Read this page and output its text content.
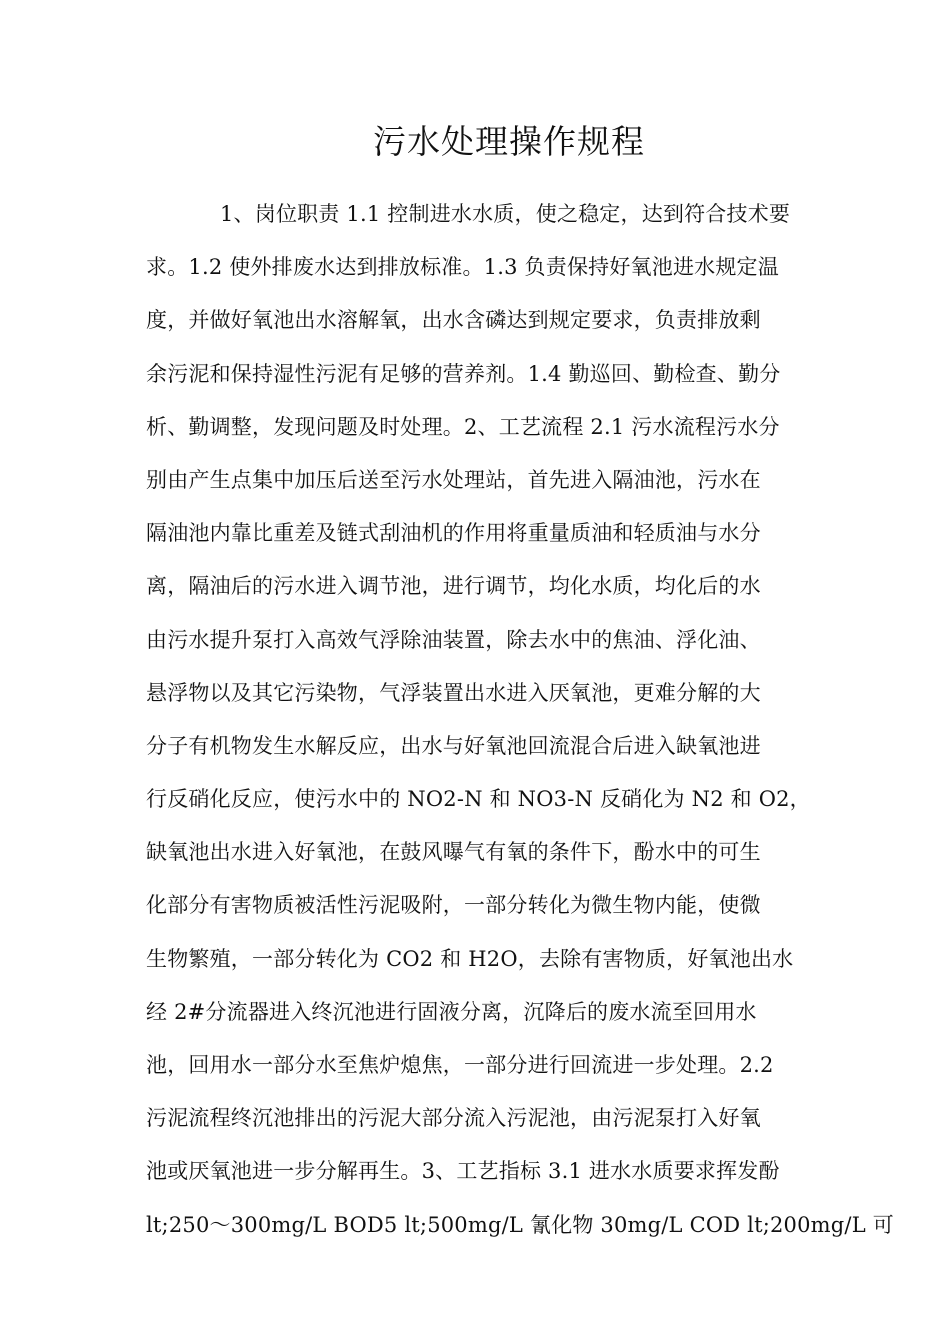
污水处理操作规程
1、岗位职责 1.1 控制进水水质，使之稳定，达到符合技术要
求。1.2 使外排废水达到排放标准。1.3 负责保持好氧池进水规定温
度，并做好氧池出水溶解氧，出水含磷达到规定要求，负责排放剩
余污泥和保持湿性污泥有足够的营养剂。1.4 勤巡回、勤检查、勤分
析、勤调整，发现问题及时处理。2、工艺流程 2.1 污水流程污水分
别由产生点集中加压后送至污水处理站，首先进入隔油池，污水在
隔油池内靠比重差及链式刮油机的作用将重量质油和轻质油与水分
离，隔油后的污水进入调节池，进行调节，均化水质，均化后的水
由污水提升泵打入高效气浮除油装置，除去水中的焦油、浮化油、
悬浮物以及其它污染物，气浮装置出水进入厌氧池，更难分解的大
分子有机物发生水解反应，出水与好氧池回流混合后进入缺氧池进
行反硝化反应，使污水中的 NO2-N 和 NO3-N 反硝化为 N2 和 O2，
缺氧池出水进入好氧池，在鼓风曝气有氧的条件下，酚水中的可生
化部分有害物质被活性污泥吸附，一部分转化为微生物内能，使微
生物繁殖，一部分转化为 CO2 和 H2O，去除有害物质，好氧池出水
经 2#分流器进入终沉池进行固液分离，沉降后的废水流至回用水
池，回用水一部分水至焦炉熄焦，一部分进行回流进一步处理。2.2
污泥流程终沉池排出的污泥大部分流入污泥池，由污泥泵打入好氧
池或厌氧池进一步分解再生。3、工艺指标 3.1 进水水质要求挥发酚
lt;250～300mg/L BOD5 lt;500mg/L 氰化物 30mg/L COD lt;200mg/L 可
